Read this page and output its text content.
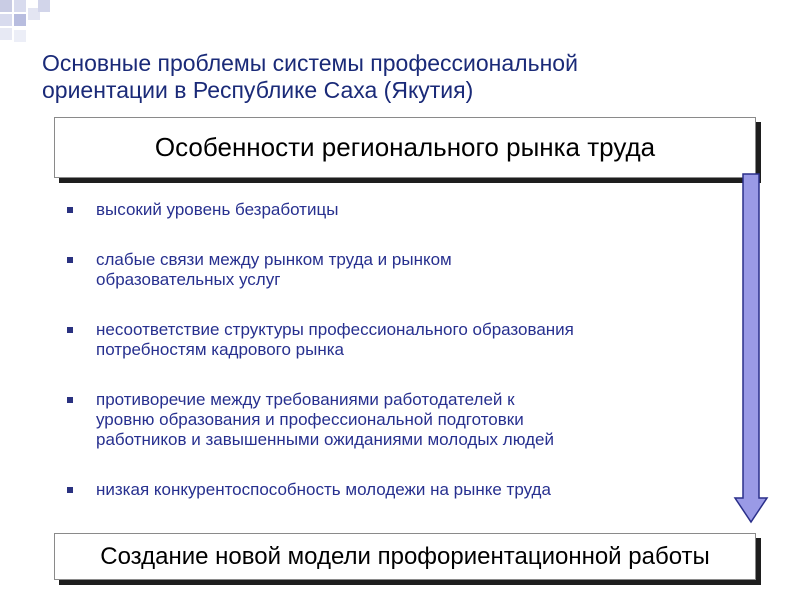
Основные проблемы системы профессиональной
ориентации в Республике Саха (Якутия)
Особенности регионального рынка труда
высокий уровень безработицы
слабые связи между рынком труда и рынком
образовательных услуг
несоответствие структуры профессионального образования
потребностям кадрового рынка
противоречие между требованиями работодателей к
уровню образования и профессиональной подготовки
работников и завышенными ожиданиями молодых людей
низкая конкурентоспособность молодежи на рынке труда
Создание новой модели профориентационной работы
